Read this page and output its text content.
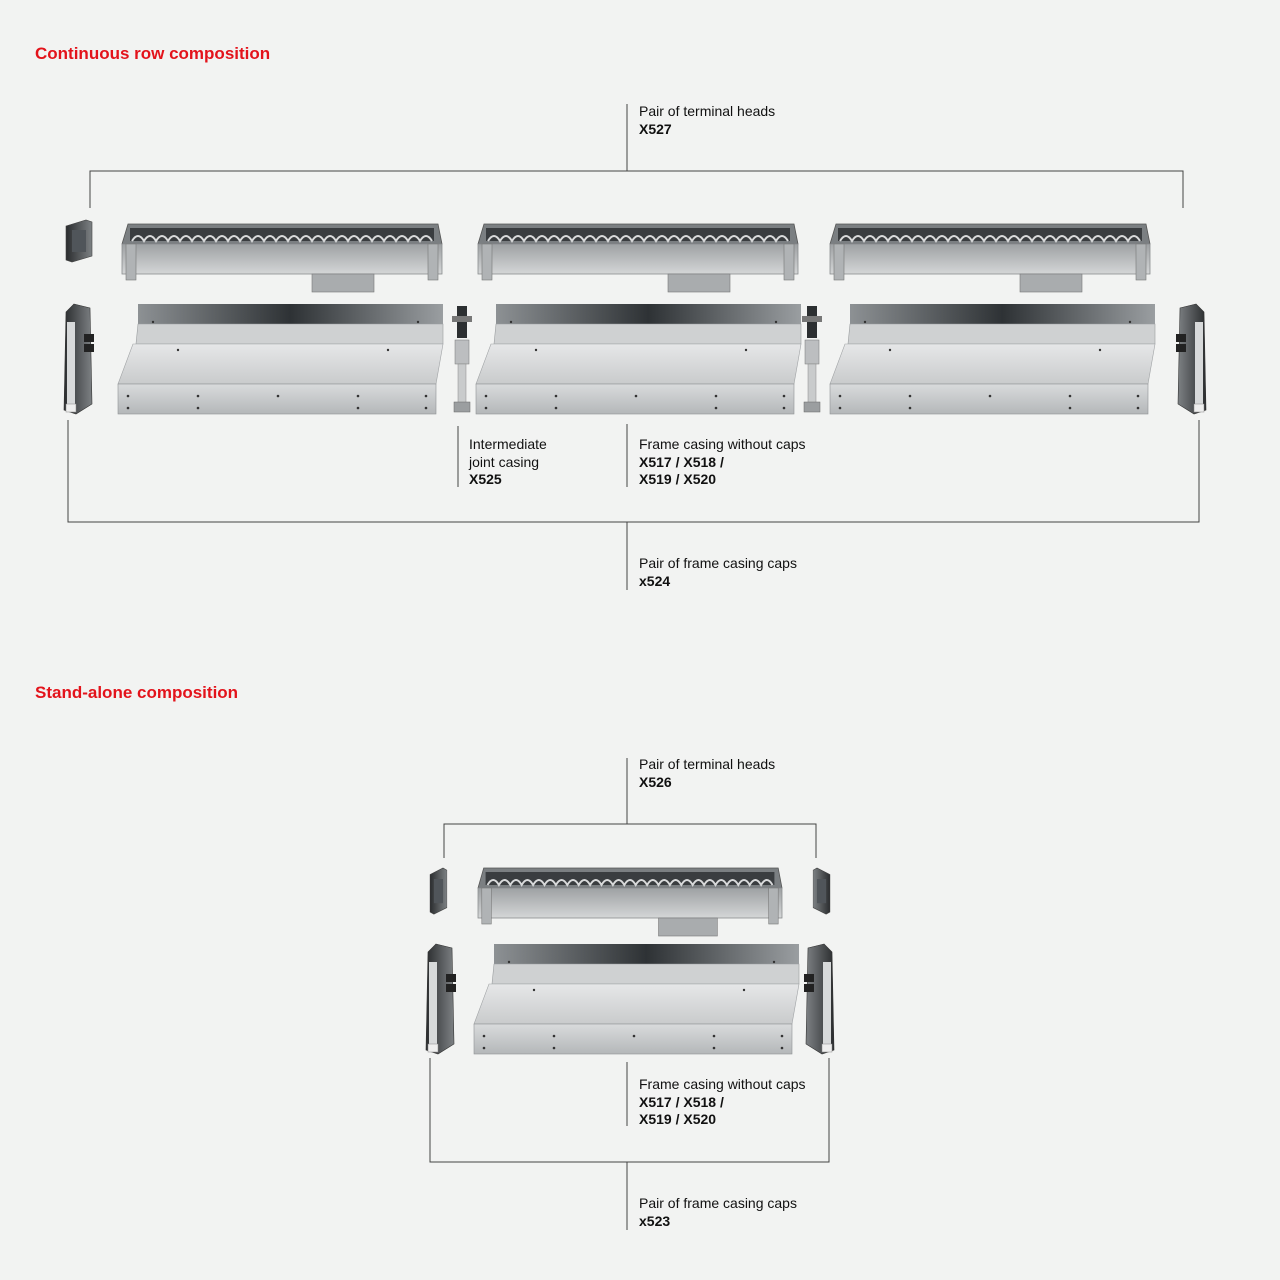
Continuous row composition
Pair of terminal heads
X527
Intermediate
joint casing
X525
Frame casing without caps
X517 / X518 /
X519 / X520
Pair of frame casing caps
x524
Stand-alone composition
Pair of terminal heads
X526
Frame casing without caps
X517 / X518 /
X519 / X520
Pair of frame casing caps
x523
